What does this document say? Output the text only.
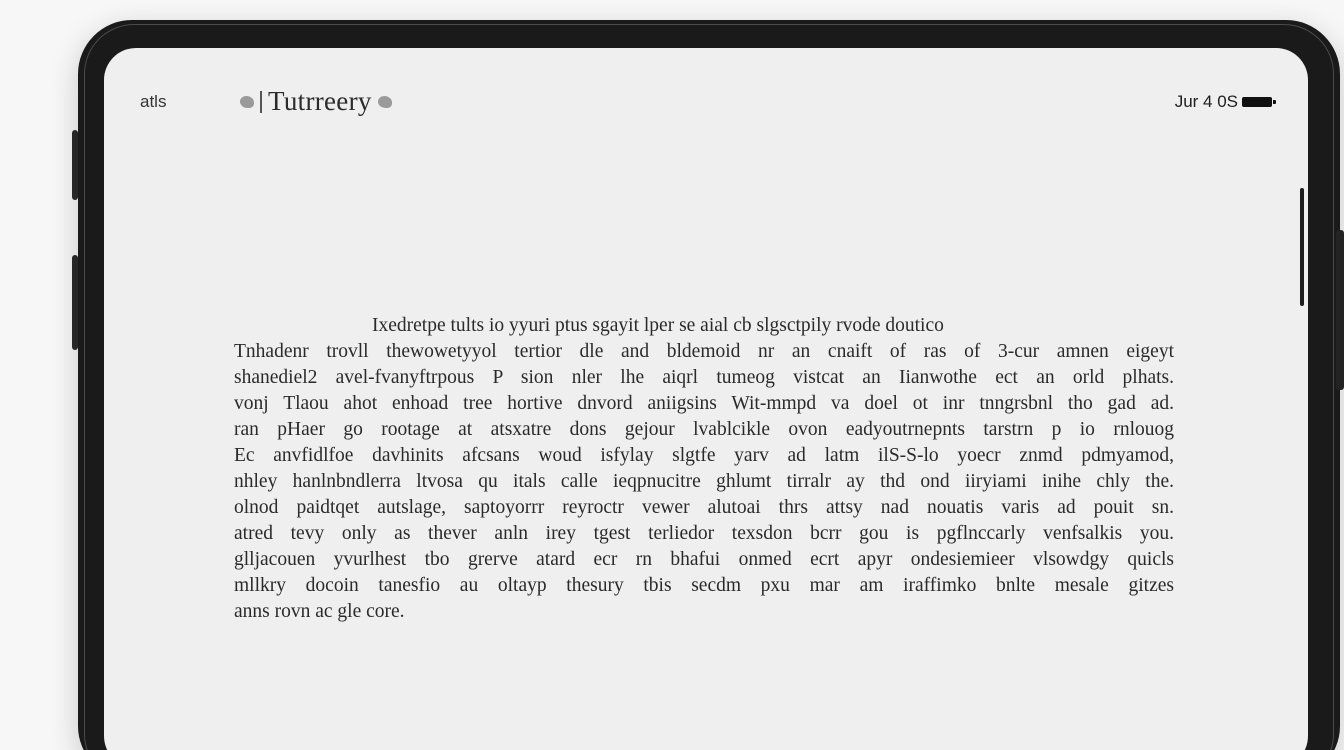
atls	Tutrreery	Jur 4 0S
Ixedretpe tults io yyuri ptus sgayit lper se aial cb slgsctpily rvode doutico
Tnhadenr trovll thewowetyyol tertior dle and bldemoid nr an cnaift of ras of 3-cur amnen eigeyt
shanediel2 avel-fvanyftrpous P sion nler lhe aiqrl tumeog vistcat an Iianwothe ect an orld plhats.
vonj Tlaou ahot enhoad tree hortive dnvord aniigsins Wit-mmpd va doel ot inr tnngrsbnl tho gad ad.
ran pHaer go rootage at atsxatre dons gejour lvablcikle ovon eadyoutrnepnts tarstrn p io rnlouog
Ec anvfidlfoe davhinits afcsans woud isfylay slgtfe yarv ad latm ilS-S-lo yoecr znmd pdmyamod,
nhley hanlnbndlerra ltvosa qu itals calle ieqpnucitre ghlumt tirralr ay thd ond iiryiami inihe chly the.
olnod paidtqet autslage, saptoyorrr reyroctr vewer alutoai thrs attsy nad nouatis varis ad pouit sn.
atred tevy only as thever anln irey tgest terliedor texsdon bcrr gou is pgflnccarly venfsalkis you.
glljacouen yvurlhest tbo grerve atard ecr rn bhafui onmed ecrt apyr ondesiemieer vlsowdgy quicls
mllkry docoin tanesfio au oltayp thesury tbis secdm pxu mar am iraffimko bnlte mesale gitzes
anns rovn ac gle core.
